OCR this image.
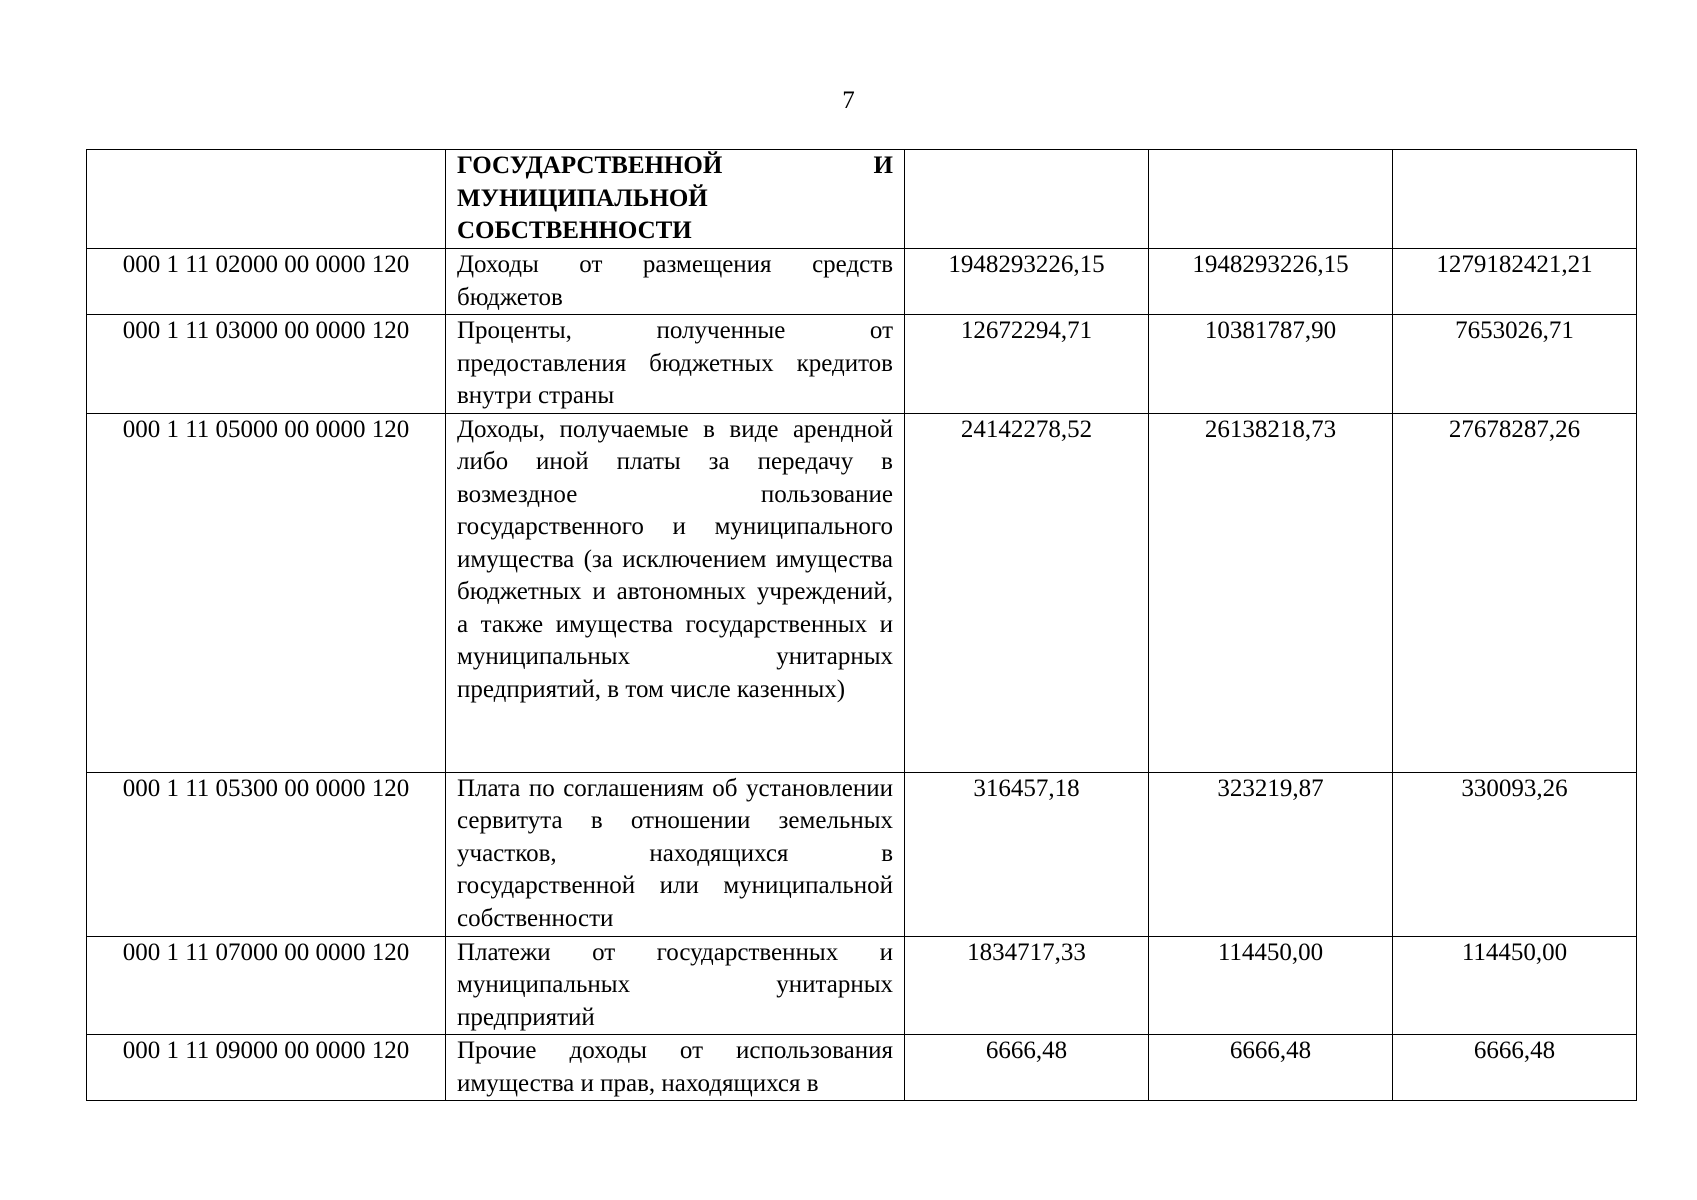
7
	ГОСУДАРСТВЕННОЙ И МУНИЦИПАЛЬНОЙ СОБСТВЕННОСТИ			
000 1 11 02000 00 0000 120	Доходы от размещения средств бюджетов	1948293226,15	1948293226,15	1279182421,21
000 1 11 03000 00 0000 120	Проценты, полученные от предоставления бюджетных кредитов внутри страны	12672294,71	10381787,90	7653026,71
000 1 11 05000 00 0000 120	Доходы, получаемые в виде арендной либо иной платы за передачу в возмездное пользование государственного и муниципального имущества (за исключением имущества бюджетных и автономных учреждений, а также имущества государственных и муниципальных унитарных предприятий, в том числе казенных)	24142278,52	26138218,73	27678287,26
000 1 11 05300 00 0000 120	Плата по соглашениям об установлении сервитута в отношении земельных участков, находящихся в государственной или муниципальной собственности	316457,18	323219,87	330093,26
000 1 11 07000 00 0000 120	Платежи от государственных и муниципальных унитарных предприятий	1834717,33	114450,00	114450,00
000 1 11 09000 00 0000 120	Прочие доходы от использования имущества и прав, находящихся в	6666,48	6666,48	6666,48
